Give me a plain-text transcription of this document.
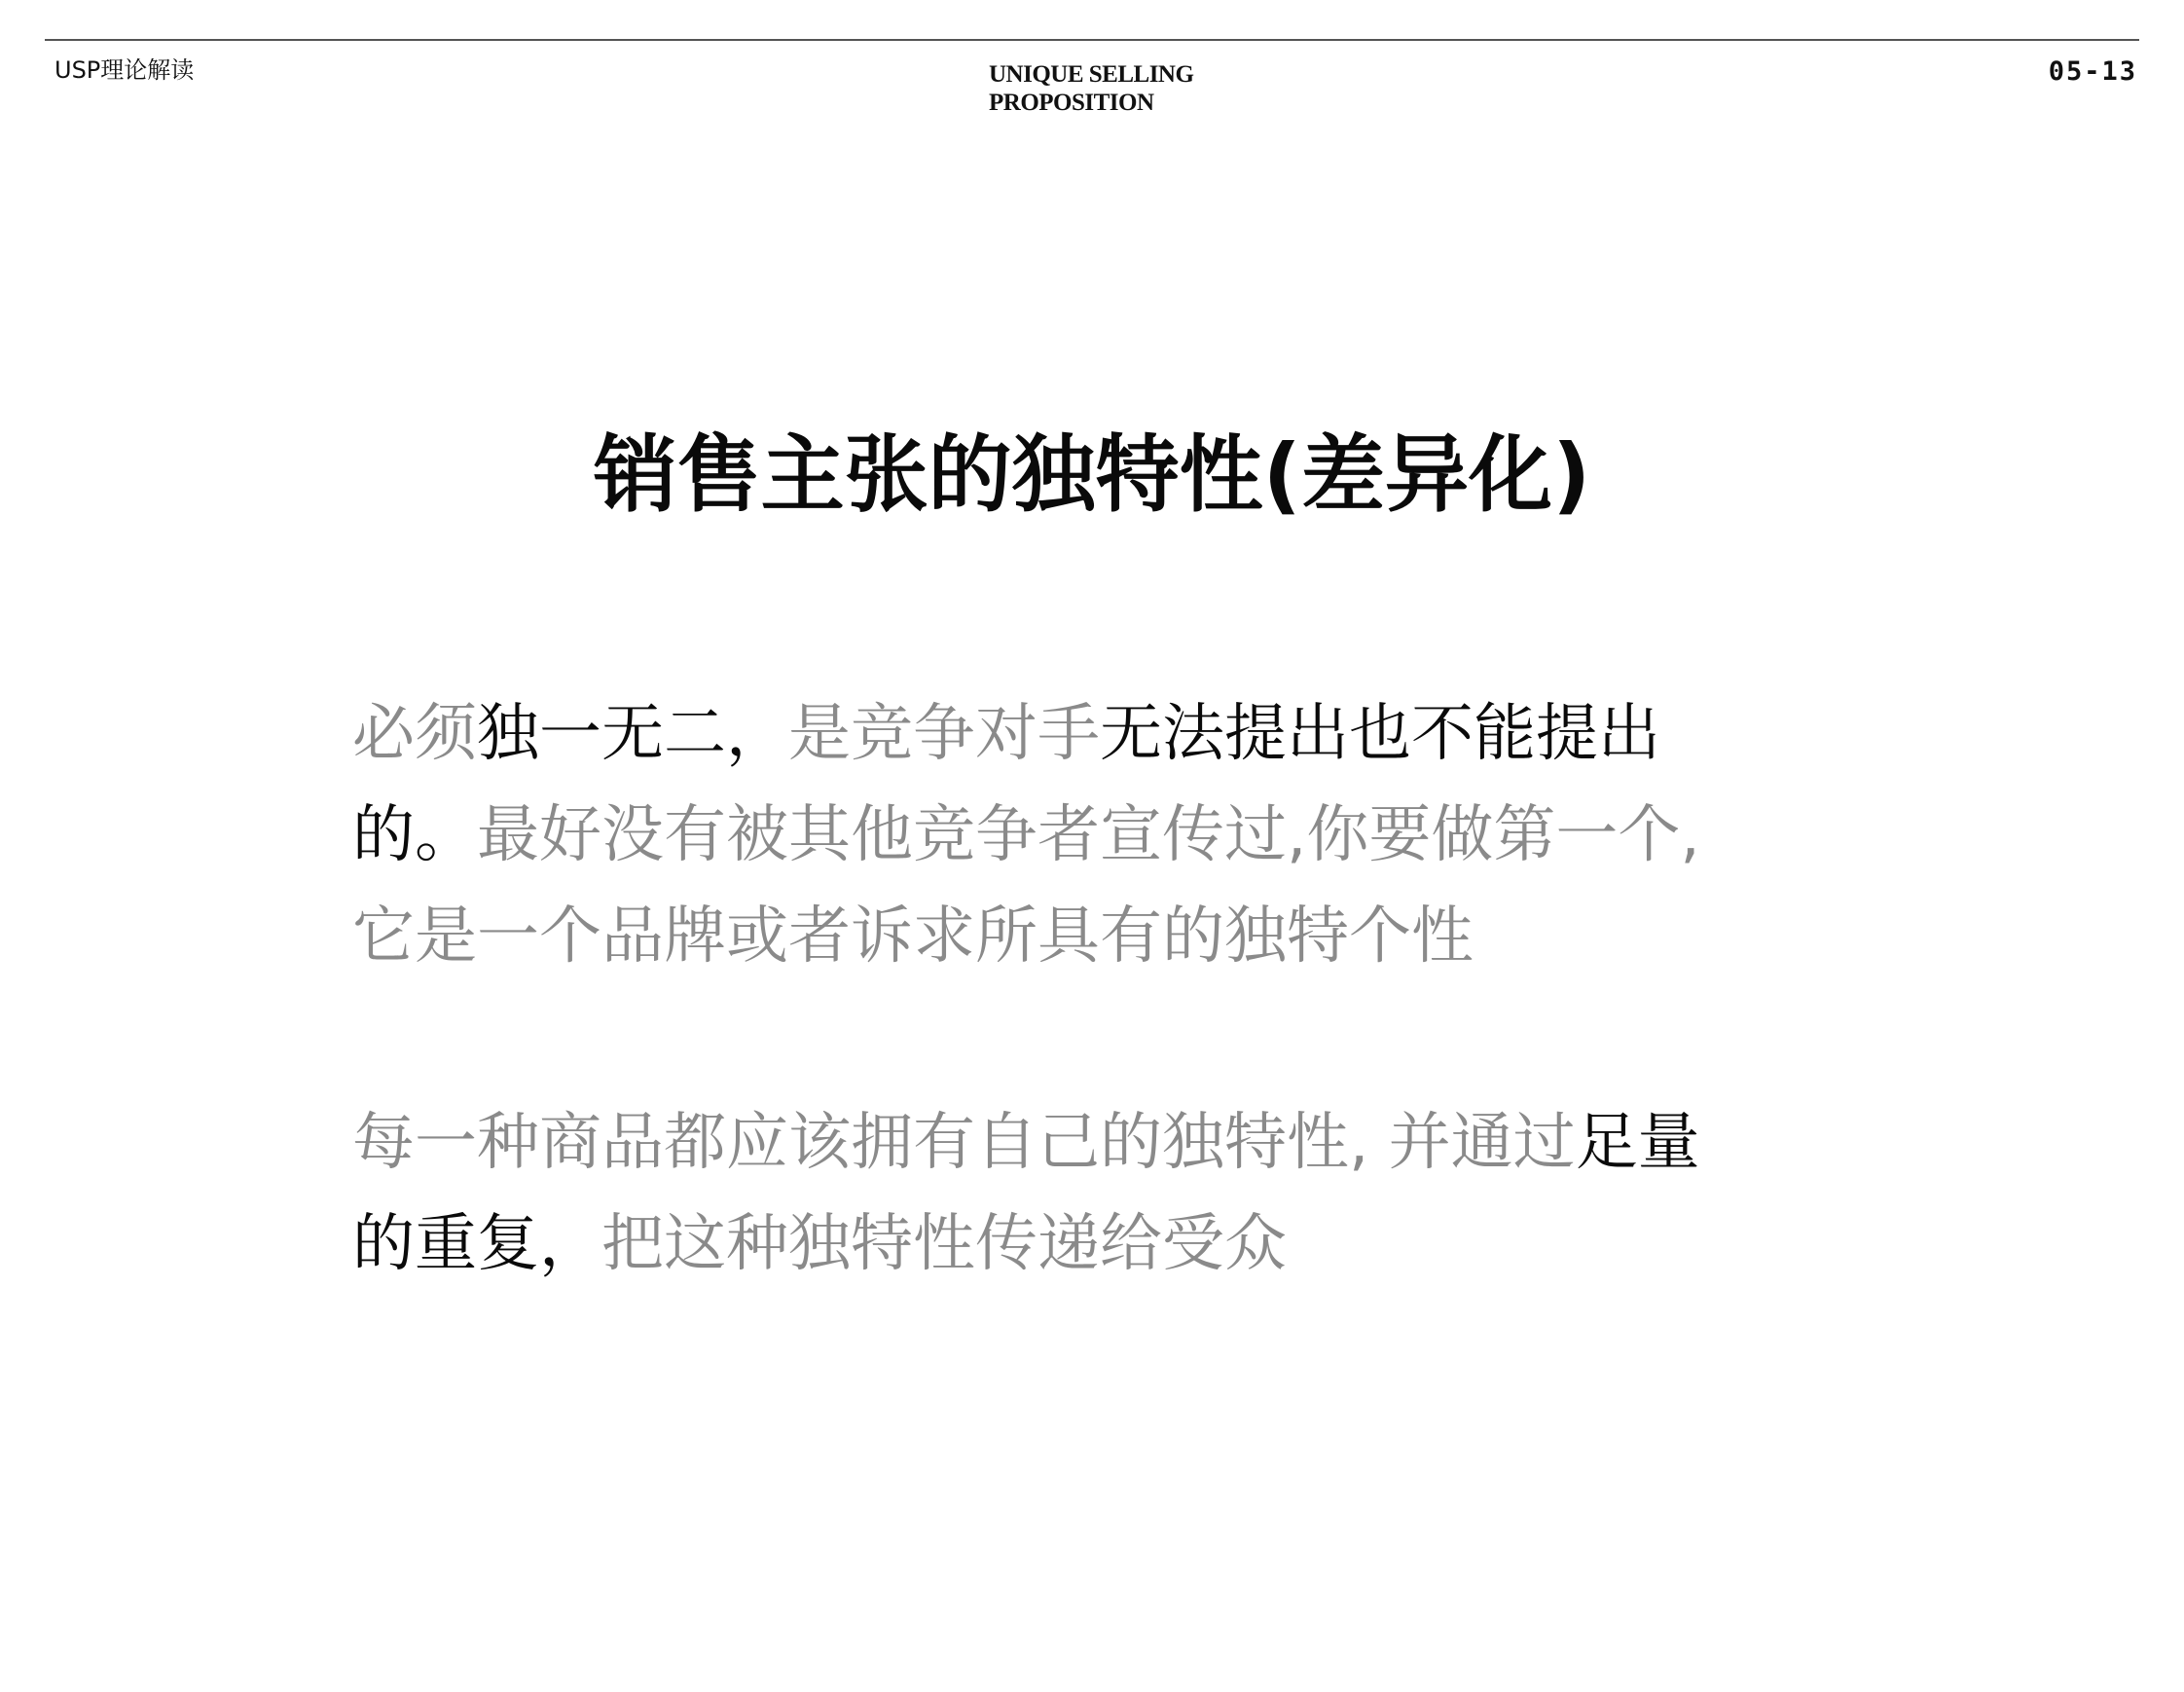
USP理论解读	UNIQUE SELLING
PROPOSITION
05-13
销售主张的独特性(差异化)
必须独一无二，是竞争对手无法提出也不能提出
的。最好没有被其他竞争者宣传过,你要做第一个,
它是一个品牌或者诉求所具有的独特个性
每一种商品都应该拥有自己的独特性, 并通过足量
的重复，把这种独特性传递给受众
